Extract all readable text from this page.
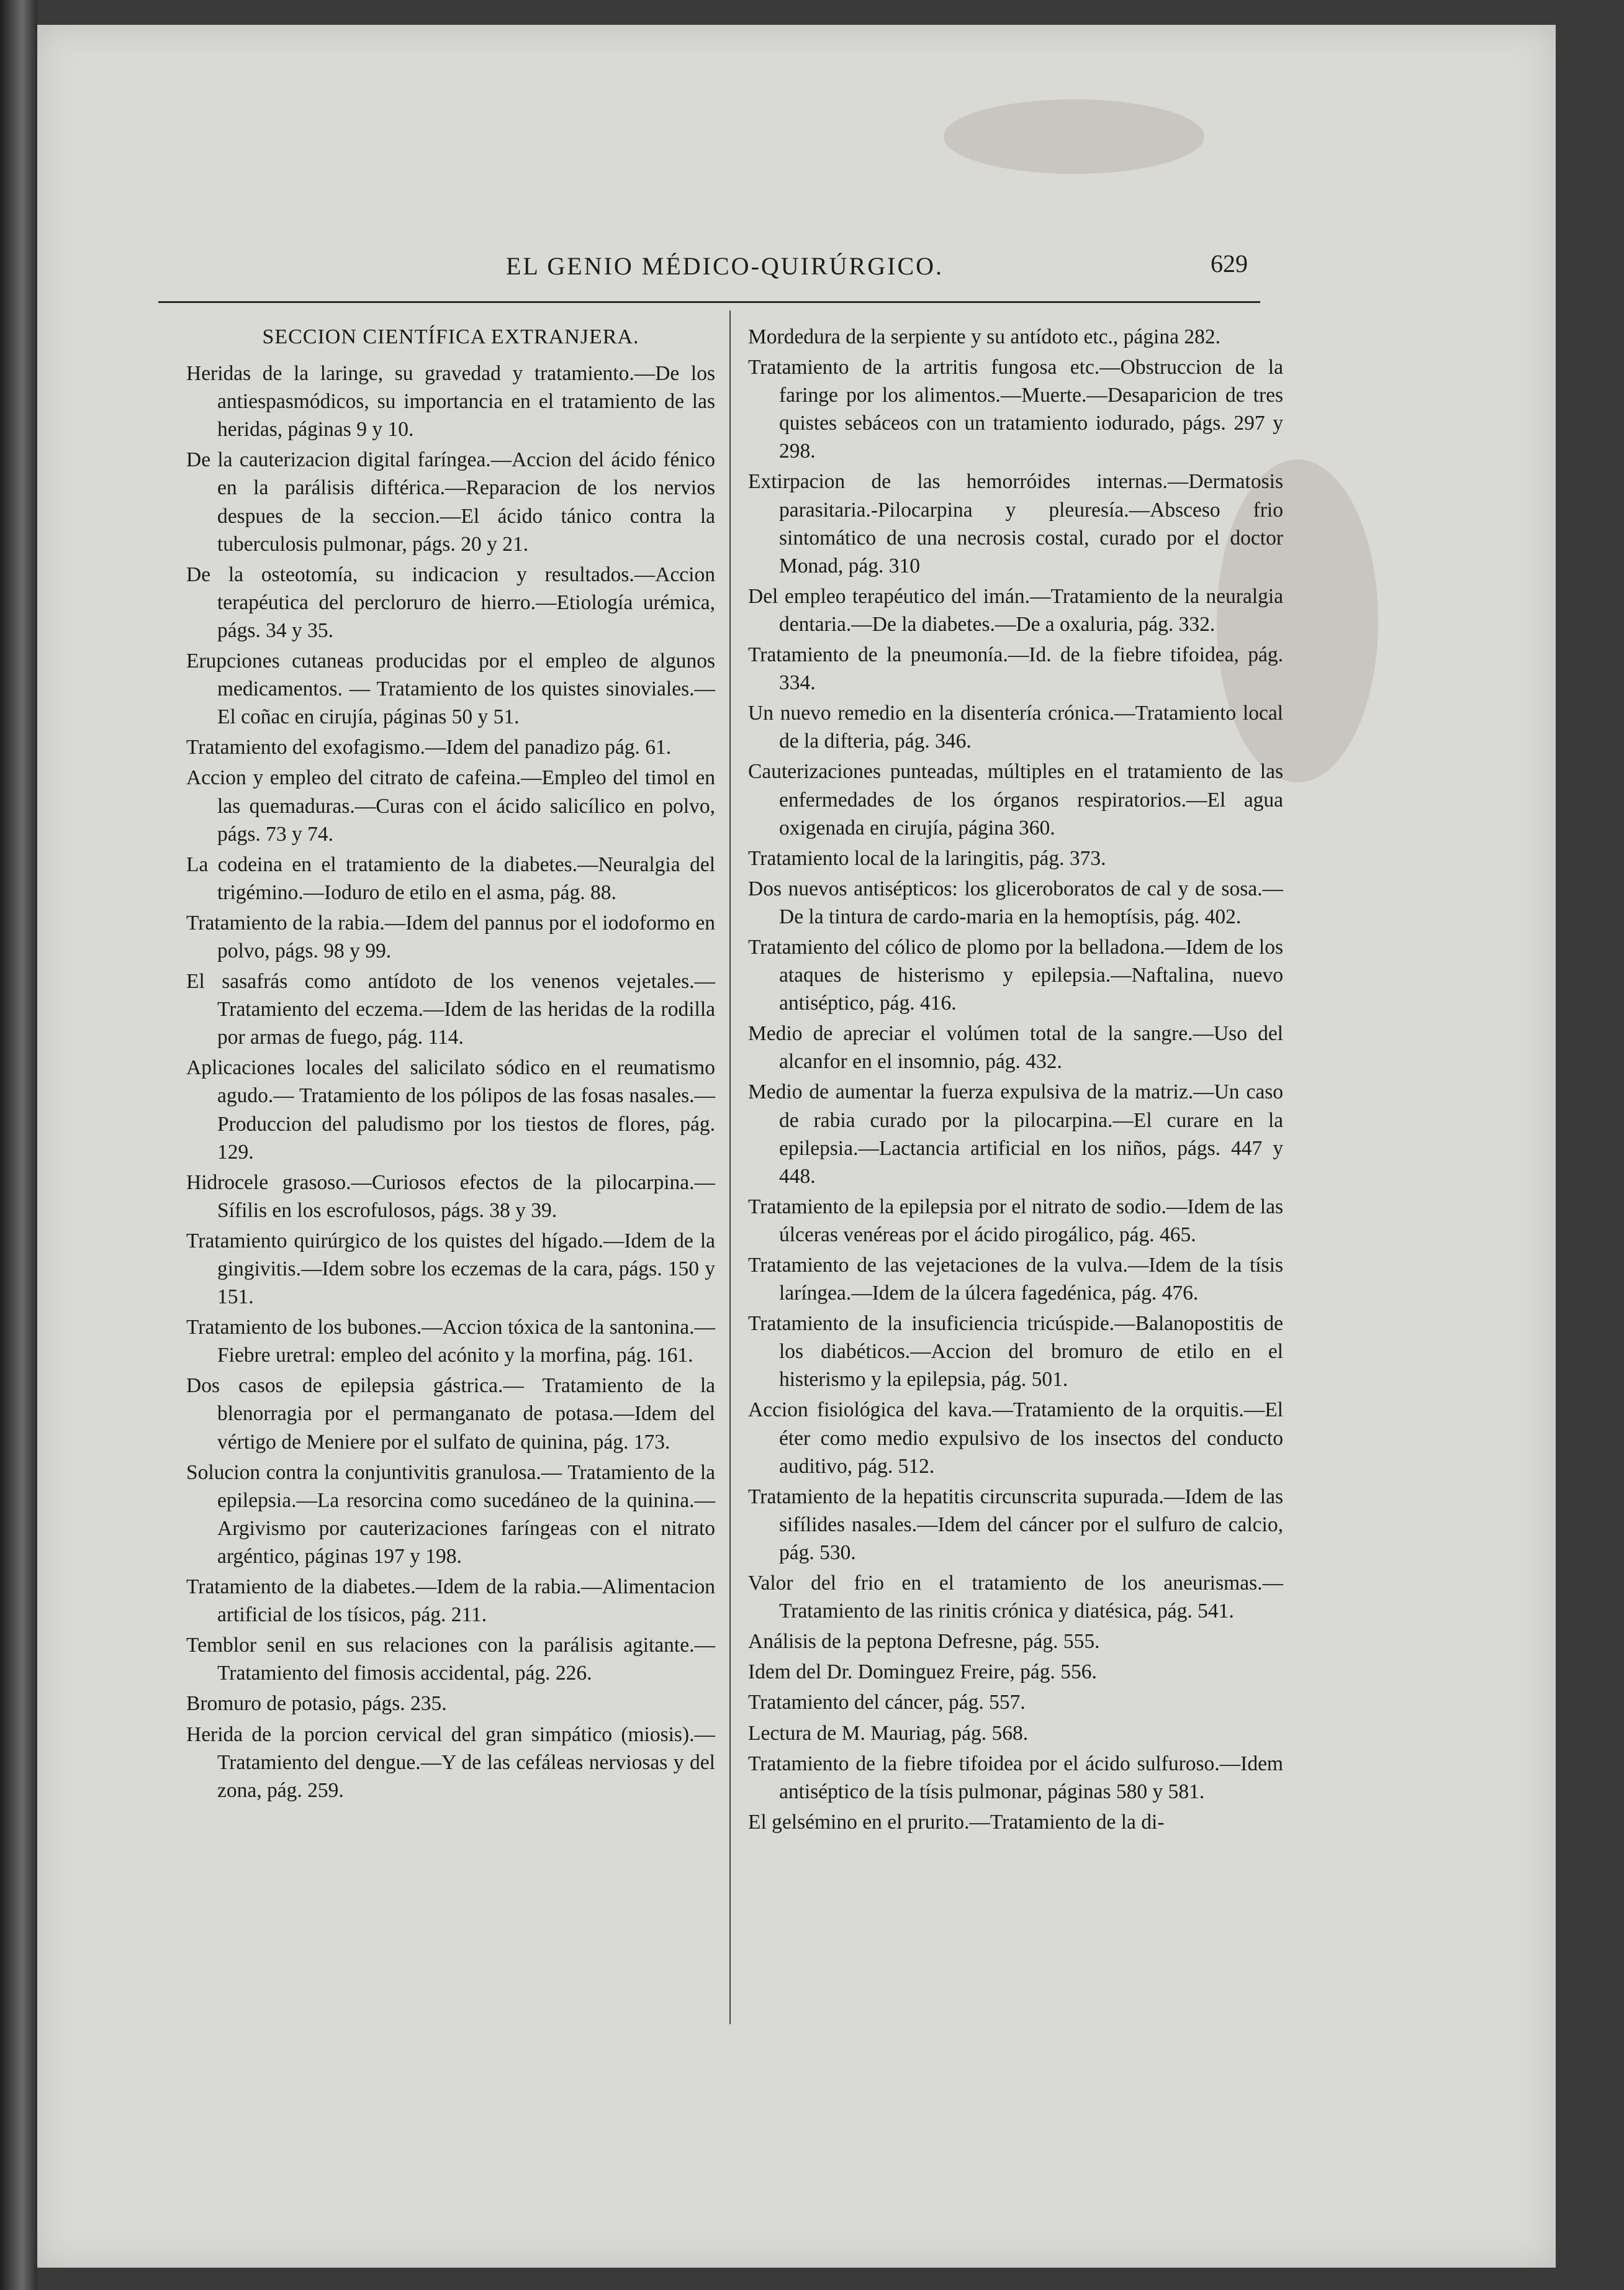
EL GENIO MÉDICO-QUIRÚRGICO.	629

SECCION CIENTÍFICA EXTRANJERA.

Heridas de la laringe, su gravedad y tratamiento.—De los antiespasmódicos, su importancia en el tratamiento de las heridas, páginas 9 y 10.

De la cauterizacion digital faríngea.—Accion del ácido fénico en la parálisis diftérica.—Reparacion de los nervios despues de la seccion.—El ácido tánico contra la tuberculosis pulmonar, págs. 20 y 21.

De la osteotomía, su indicacion y resultados.—Accion terapéutica del percloruro de hierro.—Etiología urémica, págs. 34 y 35.

Erupciones cutaneas producidas por el empleo de algunos medicamentos. — Tratamiento de los quistes sinoviales.—El coñac en cirujía, páginas 50 y 51.

Tratamiento del exofagismo.—Idem del panadizo pág. 61.

Accion y empleo del citrato de cafeina.—Empleo del timol en las quemaduras.—Curas con el ácido salicílico en polvo, págs. 73 y 74.

La codeina en el tratamiento de la diabetes.—Neuralgia del trigémino.—Ioduro de etilo en el asma, pág. 88.

Tratamiento de la rabia.—Idem del pannus por el iodoformo en polvo, págs. 98 y 99.

El sasafrás como antídoto de los venenos vejetales.—Tratamiento del eczema.—Idem de las heridas de la rodilla por armas de fuego, pág. 114.

Aplicaciones locales del salicilato sódico en el reumatismo agudo.— Tratamiento de los pólipos de las fosas nasales.—Produccion del paludismo por los tiestos de flores, pág. 129.

Hidrocele grasoso.—Curiosos efectos de la pilocarpina.—Sífilis en los escrofulosos, págs. 38 y 39.

Tratamiento quirúrgico de los quistes del hígado.—Idem de la gingivitis.—Idem sobre los eczemas de la cara, págs. 150 y 151.

Tratamiento de los bubones.—Accion tóxica de la santonina.—Fiebre uretral: empleo del acónito y la morfina, pág. 161.

Dos casos de epilepsia gástrica.— Tratamiento de la blenorragia por el permanganato de potasa.—Idem del vértigo de Meniere por el sulfato de quinina, pág. 173.

Solucion contra la conjuntivitis granulosa.— Tratamiento de la epilepsia.—La resorcina como sucedáneo de la quinina.—Argivismo por cauterizaciones faríngeas con el nitrato argéntico, páginas 197 y 198.

Tratamiento de la diabetes.—Idem de la rabia.—Alimentacion artificial de los tísicos, pág. 211.

Temblor senil en sus relaciones con la parálisis agitante.—Tratamiento del fimosis accidental, pág. 226.

Bromuro de potasio, págs. 235.

Herida de la porcion cervical del gran simpático (miosis).—Tratamiento del dengue.—Y de las cefáleas nerviosas y del zona, pág. 259.

Mordedura de la serpiente y su antídoto etc., página 282.

Tratamiento de la artritis fungosa etc.—Obstruccion de la faringe por los alimentos.—Muerte.—Desaparicion de tres quistes sebáceos con un tratamiento iodurado, págs. 297 y 298.

Extirpacion de las hemorróides internas.—Dermatosis parasitaria.-Pilocarpina y pleuresía.—Absceso frio sintomático de una necrosis costal, curado por el doctor Monad, pág. 310

Del empleo terapéutico del imán.—Tratamiento de la neuralgia dentaria.—De la diabetes.—De a oxaluria, pág. 332.

Tratamiento de la pneumonía.—Id. de la fiebre tifoidea, pág. 334.

Un nuevo remedio en la disentería crónica.—Tratamiento local de la difteria, pág. 346.

Cauterizaciones punteadas, múltiples en el tratamiento de las enfermedades de los órganos respiratorios.—El agua oxigenada en cirujía, página 360.

Tratamiento local de la laringitis, pág. 373.

Dos nuevos antisépticos: los gliceroboratos de cal y de sosa.—De la tintura de cardo-maria en la hemoptísis, pág. 402.

Tratamiento del cólico de plomo por la belladona.—Idem de los ataques de histerismo y epilepsia.—Naftalina, nuevo antiséptico, pág. 416.

Medio de apreciar el volúmen total de la sangre.—Uso del alcanfor en el insomnio, pág. 432.

Medio de aumentar la fuerza expulsiva de la matriz.—Un caso de rabia curado por la pilocarpina.—El curare en la epilepsia.—Lactancia artificial en los niños, págs. 447 y 448.

Tratamiento de la epilepsia por el nitrato de sodio.—Idem de las úlceras venéreas por el ácido pirogálico, pág. 465.

Tratamiento de las vejetaciones de la vulva.—Idem de la tísis laríngea.—Idem de la úlcera fagedénica, pág. 476.

Tratamiento de la insuficiencia tricúspide.—Balanopostitis de los diabéticos.—Accion del bromuro de etilo en el histerismo y la epilepsia, pág. 501.

Accion fisiológica del kava.—Tratamiento de la orquitis.—El éter como medio expulsivo de los insectos del conducto auditivo, pág. 512.

Tratamiento de la hepatitis circunscrita supurada.—Idem de las sifílides nasales.—Idem del cáncer por el sulfuro de calcio, pág. 530.

Valor del frio en el tratamiento de los aneurismas.—Tratamiento de las rinitis crónica y diatésica, pág. 541.

Análisis de la peptona Defresne, pág. 555.

Idem del Dr. Dominguez Freire, pág. 556.

Tratamiento del cáncer, pág. 557.

Lectura de M. Mauriag, pág. 568.

Tratamiento de la fiebre tifoidea por el ácido sulfuroso.—Idem antiséptico de la tísis pulmonar, páginas 580 y 581.

El gelsémino en el prurito.—Tratamiento de la di-
